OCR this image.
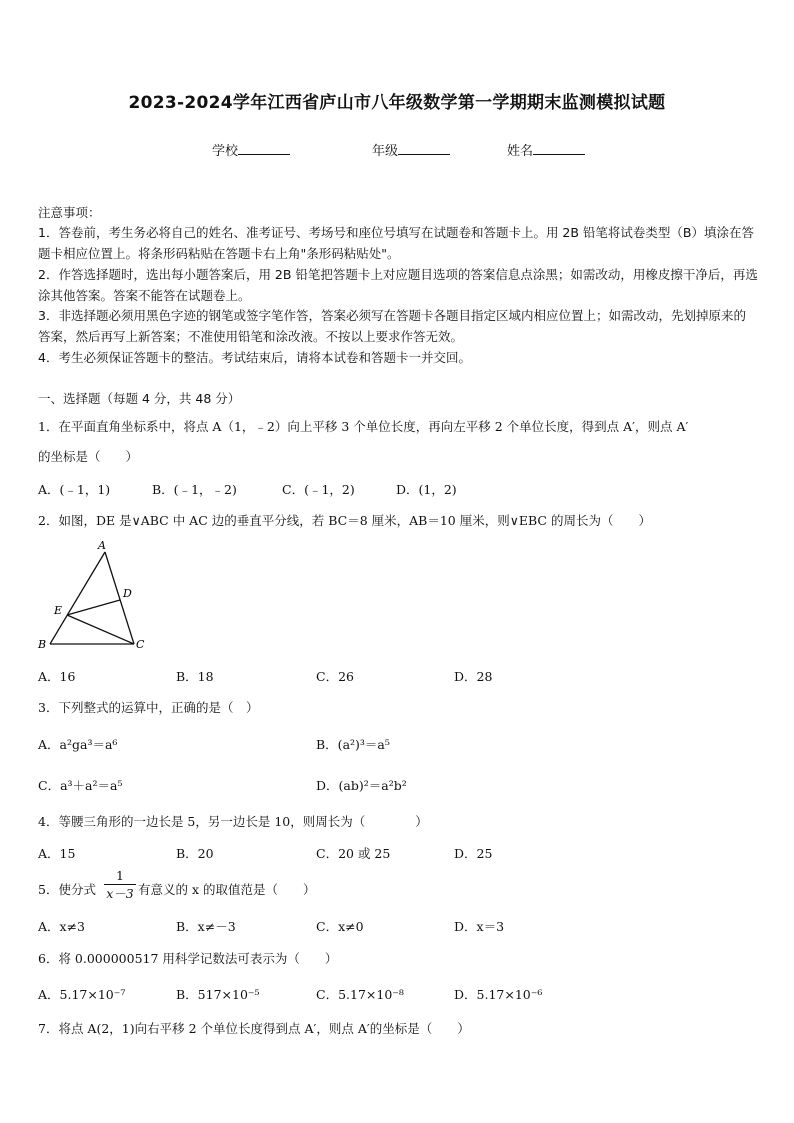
2023-2024学年江西省庐山市八年级数学第一学期期末监测模拟试题
学校	年级	姓名
注意事项：
1．答卷前，考生务必将自己的姓名、准考证号、考场号和座位号填写在试题卷和答题卡上。用 2B 铅笔将试卷类型（B）填涂在答题卡相应位置上。将条形码粘贴在答题卡右上角"条形码粘贴处"。
2．作答选择题时，选出每小题答案后，用 2B 铅笔把答题卡上对应题目选项的答案信息点涂黑；如需改动，用橡皮擦干净后，再选涂其他答案。答案不能答在试题卷上。
3．非选择题必须用黑色字迹的钢笔或签字笔作答，答案必须写在答题卡各题目指定区域内相应位置上；如需改动，先划掉原来的答案，然后再写上新答案；不准使用铅笔和涂改液。不按以上要求作答无效。
4．考生必须保证答题卡的整洁。考试结束后，请将本试卷和答题卡一并交回。
一、选择题（每题 4 分，共 48 分）
1．在平面直角坐标系中，将点 A（1，﹣2）向上平移 3 个单位长度，再向左平移 2 个单位长度，得到点 A′，则点 A′
的坐标是（　　）
A．(﹣1，1)	B．(﹣1，﹣2)	C．(﹣1，2)	D．(1，2)
2．如图，DE 是∨ABC 中 AC 边的垂直平分线，若 BC＝8 厘米，AB＝10 厘米，则∨EBC 的周长为（　　）
A
D
E
B	C
A．16	B．18	C．26	D．28
3．下列整式的运算中，正确的是（　）
A．a²ga³＝a⁶	B．(a²)³＝a⁵
C．a³＋a²＝a⁵	D．(ab)²＝a²b²
4．等腰三角形的一边长是 5，另一边长是 10，则周长为（　　　　）
A．15	B．20	C．20 或 25	D．25
5．使分式 $\frac{1}{x-3}$ 有意义的 x 的取值范是（　　）
A．x≠3	B．x≠－3	C．x≠0	D．x＝3
6．将 0.000000517 用科学记数法可表示为（　　）
A．5.17×10⁻⁷	B．517×10⁻⁵	C．5.17×10⁻⁸	D．5.17×10⁻⁶
7．将点 A(2，1)向右平移 2 个单位长度得到点 A′，则点 A′的坐标是（　　）
